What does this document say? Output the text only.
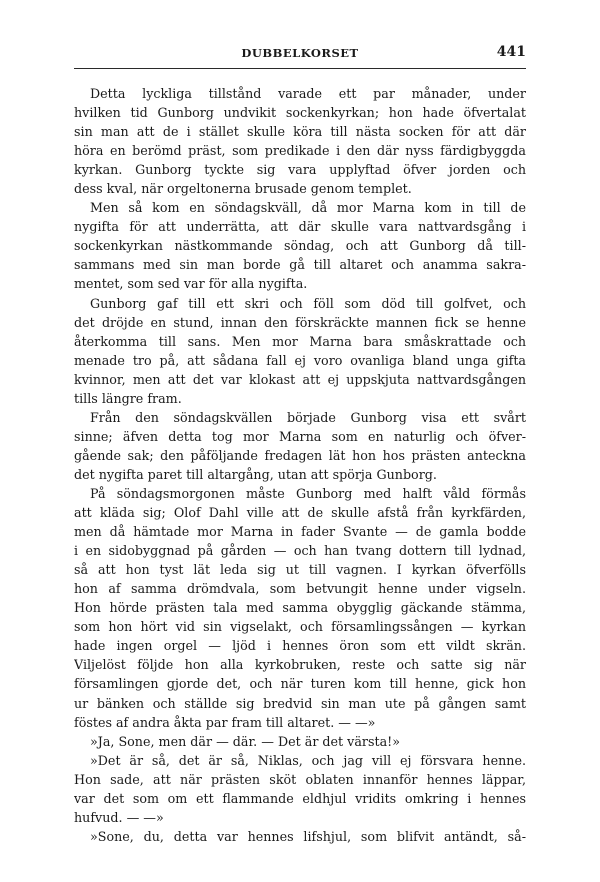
DUBBELKORSET	441
Detta lyckliga tillstånd varade ett par månader, under
hvilken tid Gunborg undvikit sockenkyrkan; hon hade öfvertalat
sin man att de i stället skulle köra till nästa socken för att där
höra en berömd präst, som predikade i den där nyss färdigbyggda
kyrkan. Gunborg tyckte sig vara upplyftad öfver jorden och
dess kval, när orgeltonerna brusade genom templet.
Men så kom en söndagskväll, då mor Marna kom in till de
nygifta för att underrätta, att där skulle vara nattvardsgång i
sockenkyrkan nästkommande söndag, och att Gunborg då till-
sammans med sin man borde gå till altaret och anamma sakra-
mentet, som sed var för alla nygifta.
Gunborg gaf till ett skri och föll som död till golfvet, och
det dröjde en stund, innan den förskräckte mannen fick se henne
återkomma till sans. Men mor Marna bara småskrattade och
menade tro på, att sådana fall ej voro ovanliga bland unga gifta
kvinnor, men att det var klokast att ej uppskjuta nattvardsgången
tills längre fram.
Från den söndagskvällen började Gunborg visa ett svårt
sinne; äfven detta tog mor Marna som en naturlig och öfver-
gående sak; den påföljande fredagen lät hon hos prästen anteckna
det nygifta paret till altargång, utan att spörja Gunborg.
På söndagsmorgonen måste Gunborg med halft våld förmås
att kläda sig; Olof Dahl ville att de skulle afstå från kyrkfärden,
men då hämtade mor Marna in fader Svante — de gamla bodde
i en sidobyggnad på gården — och han tvang dottern till lydnad,
så att hon tyst lät leda sig ut till vagnen. I kyrkan öfverfölls
hon af samma drömdvala, som betvungit henne under vigseln.
Hon hörde prästen tala med samma obygglig gäckande stämma,
som hon hört vid sin vigselakt, och församlingssången — kyrkan
hade ingen orgel — ljöd i hennes öron som ett vildt skrän.
Viljelöst följde hon alla kyrkobruken, reste och satte sig när
församlingen gjorde det, och när turen kom till henne, gick hon
ur bänken och ställde sig bredvid sin man ute på gången samt
föstes af andra åkta par fram till altaret. — —»
»Ja, Sone, men där — där. — Det är det värsta!»
»Det är så, det är så, Niklas, och jag vill ej försvara henne.
Hon sade, att när prästen sköt oblaten innanför hennes läppar,
var det som om ett flammande eldhjul vridits omkring i hennes
hufvud. — —»
»Sone, du, detta var hennes lifshjul, som blifvit antändt, så-
